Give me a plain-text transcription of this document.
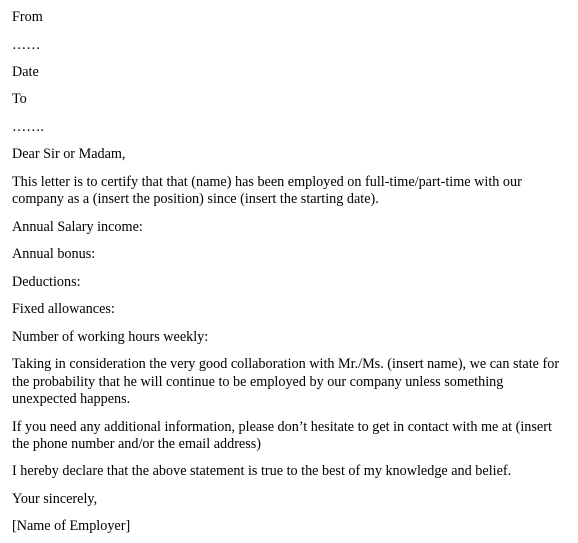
From
……
Date
To
…….
Dear Sir or Madam,
This letter is to certify that that (name) has been employed on full-time/part-time with our
company as a (insert the position) since (insert the starting date).
Annual Salary income:
Annual bonus:
Deductions:
Fixed allowances:
Number of working hours weekly:
Taking in consideration the very good collaboration with Mr./Ms. (insert name), we can state for
the probability that he will continue to be employed by our company unless something
unexpected happens.
If you need any additional information, please don’t hesitate to get in contact with me at (insert
the phone number and/or the email address)
I hereby declare that the above statement is true to the best of my knowledge and belief.
Your sincerely,
[Name of Employer]
